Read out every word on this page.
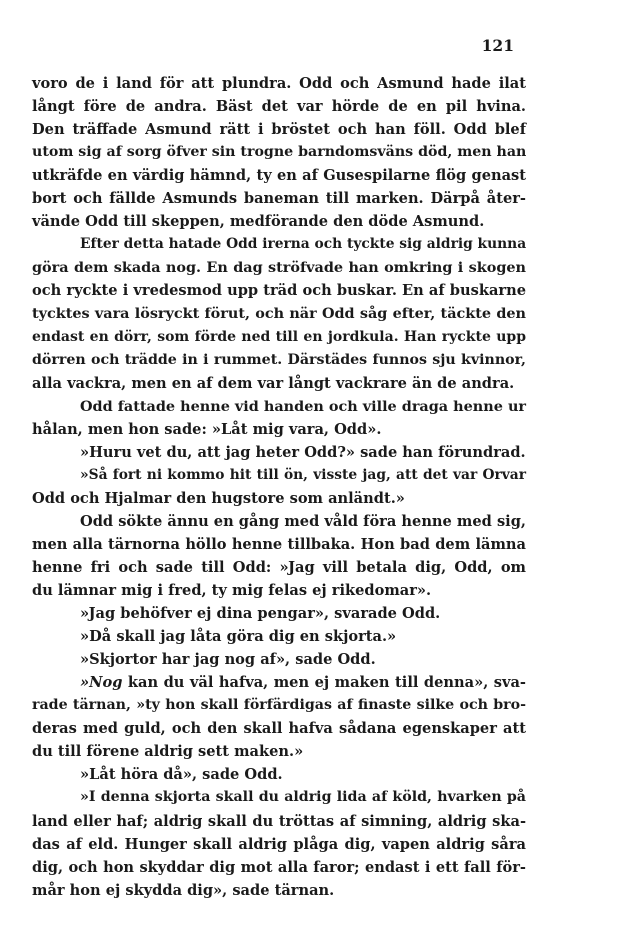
121
voro de i land för att plundra. Odd och Asmund hade ilat
långt före de andra. Bäst det var hörde de en pil hvina.
Den träffade Asmund rätt i bröstet och han föll. Odd blef
utom sig af sorg öfver sin trogne barndomsväns död, men han
utkräfde en värdig hämnd, ty en af Gusespilarne flög genast
bort och fällde Asmunds baneman till marken. Därpå åter-
vände Odd till skeppen, medförande den döde Asmund.
Efter detta hatade Odd irerna och tyckte sig aldrig kunna
göra dem skada nog. En dag ströfvade han omkring i skogen
och ryckte i vredesmod upp träd och buskar. En af buskarne
tycktes vara lösryckt förut, och när Odd såg efter, täckte den
endast en dörr, som förde ned till en jordkula. Han ryckte upp
dörren och trädde in i rummet. Därstädes funnos sju kvinnor,
alla vackra, men en af dem var långt vackrare än de andra.
Odd fattade henne vid handen och ville draga henne ur
hålan, men hon sade: »Låt mig vara, Odd».
»Huru vet du, att jag heter Odd?» sade han förundrad.
»Så fort ni kommo hit till ön, visste jag, att det var Orvar
Odd och Hjalmar den hugstore som anländt.»
Odd sökte ännu en gång med våld föra henne med sig,
men alla tärnorna höllo henne tillbaka. Hon bad dem lämna
henne fri och sade till Odd: »Jag vill betala dig, Odd, om
du lämnar mig i fred, ty mig felas ej rikedomar».
»Jag behöfver ej dina pengar», svarade Odd.
»Då skall jag låta göra dig en skjorta.»
»Skjortor har jag nog af», sade Odd.
»Nog kan du väl hafva, men ej maken till denna», sva-
rade tärnan, »ty hon skall förfärdigas af finaste silke och bro-
deras med guld, och den skall hafva sådana egenskaper att
du till förene aldrig sett maken.»
»Låt höra då», sade Odd.
»I denna skjorta skall du aldrig lida af köld, hvarken på
land eller haf; aldrig skall du tröttas af simning, aldrig ska-
das af eld. Hunger skall aldrig plåga dig, vapen aldrig såra
dig, och hon skyddar dig mot alla faror; endast i ett fall för-
mår hon ej skydda dig», sade tärnan.
